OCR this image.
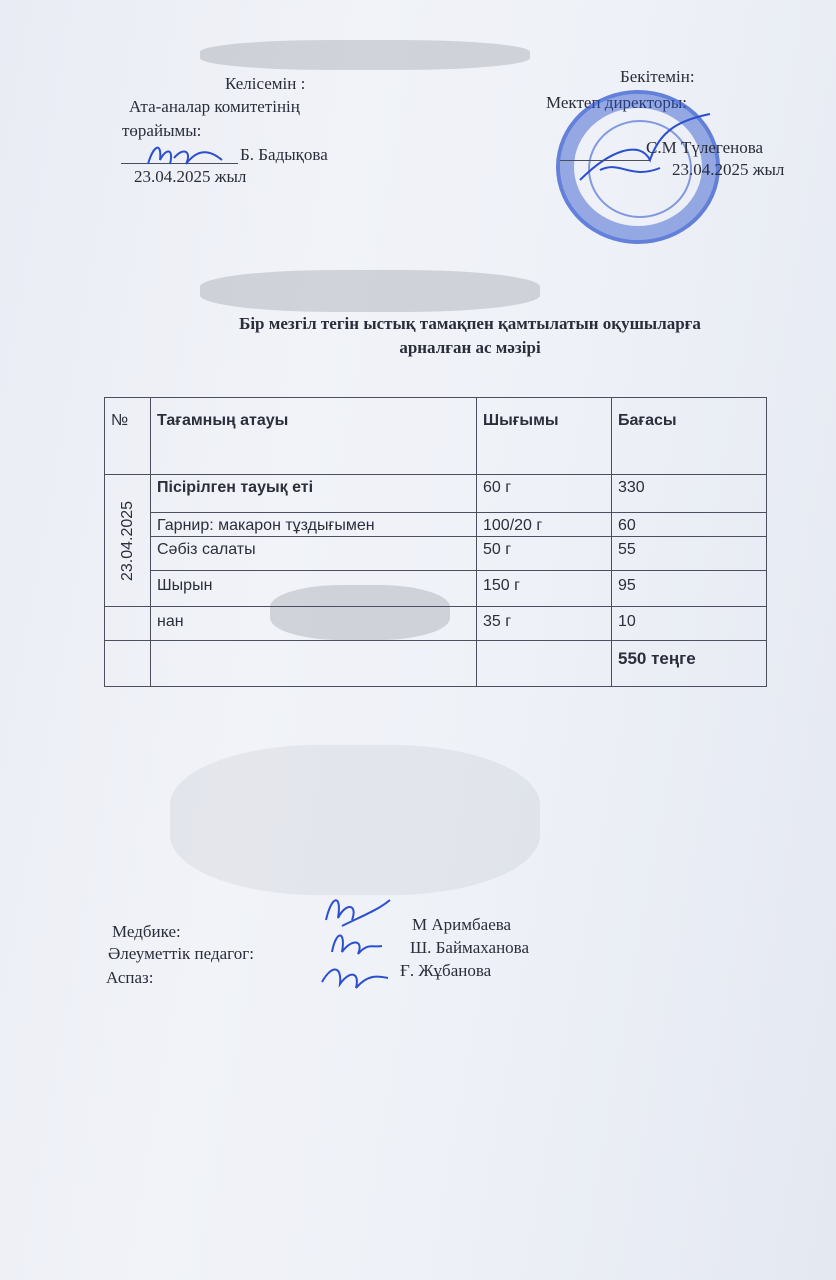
Келісемін :
Ата-аналар комитетінің
төрайымы:
Б. Бадықова
23.04.2025 жыл
Бекітемін:
Мектеп директоры:
С.М Түлегенова
23.04.2025 жыл
Бір мезгіл тегін ыстық тамақпен қамтылатын оқушыларға
арналған ас мәзірі
№	Тағамның атауы	Шығымы	Бағасы

23.04.2025	Пісірілген тауық еті	60 г	330
	Гарнир: макарон тұздығымен	100/20 г	60
	Сәбіз салаты	50 г	55
	Шырын	150 г	95
	нан	35 г	10
			550 теңге
Медбике:
Әлеуметтік педагог:
Аспаз:
М Аримбаева
Ш. Баймаханова
Ғ. Жұбанова
